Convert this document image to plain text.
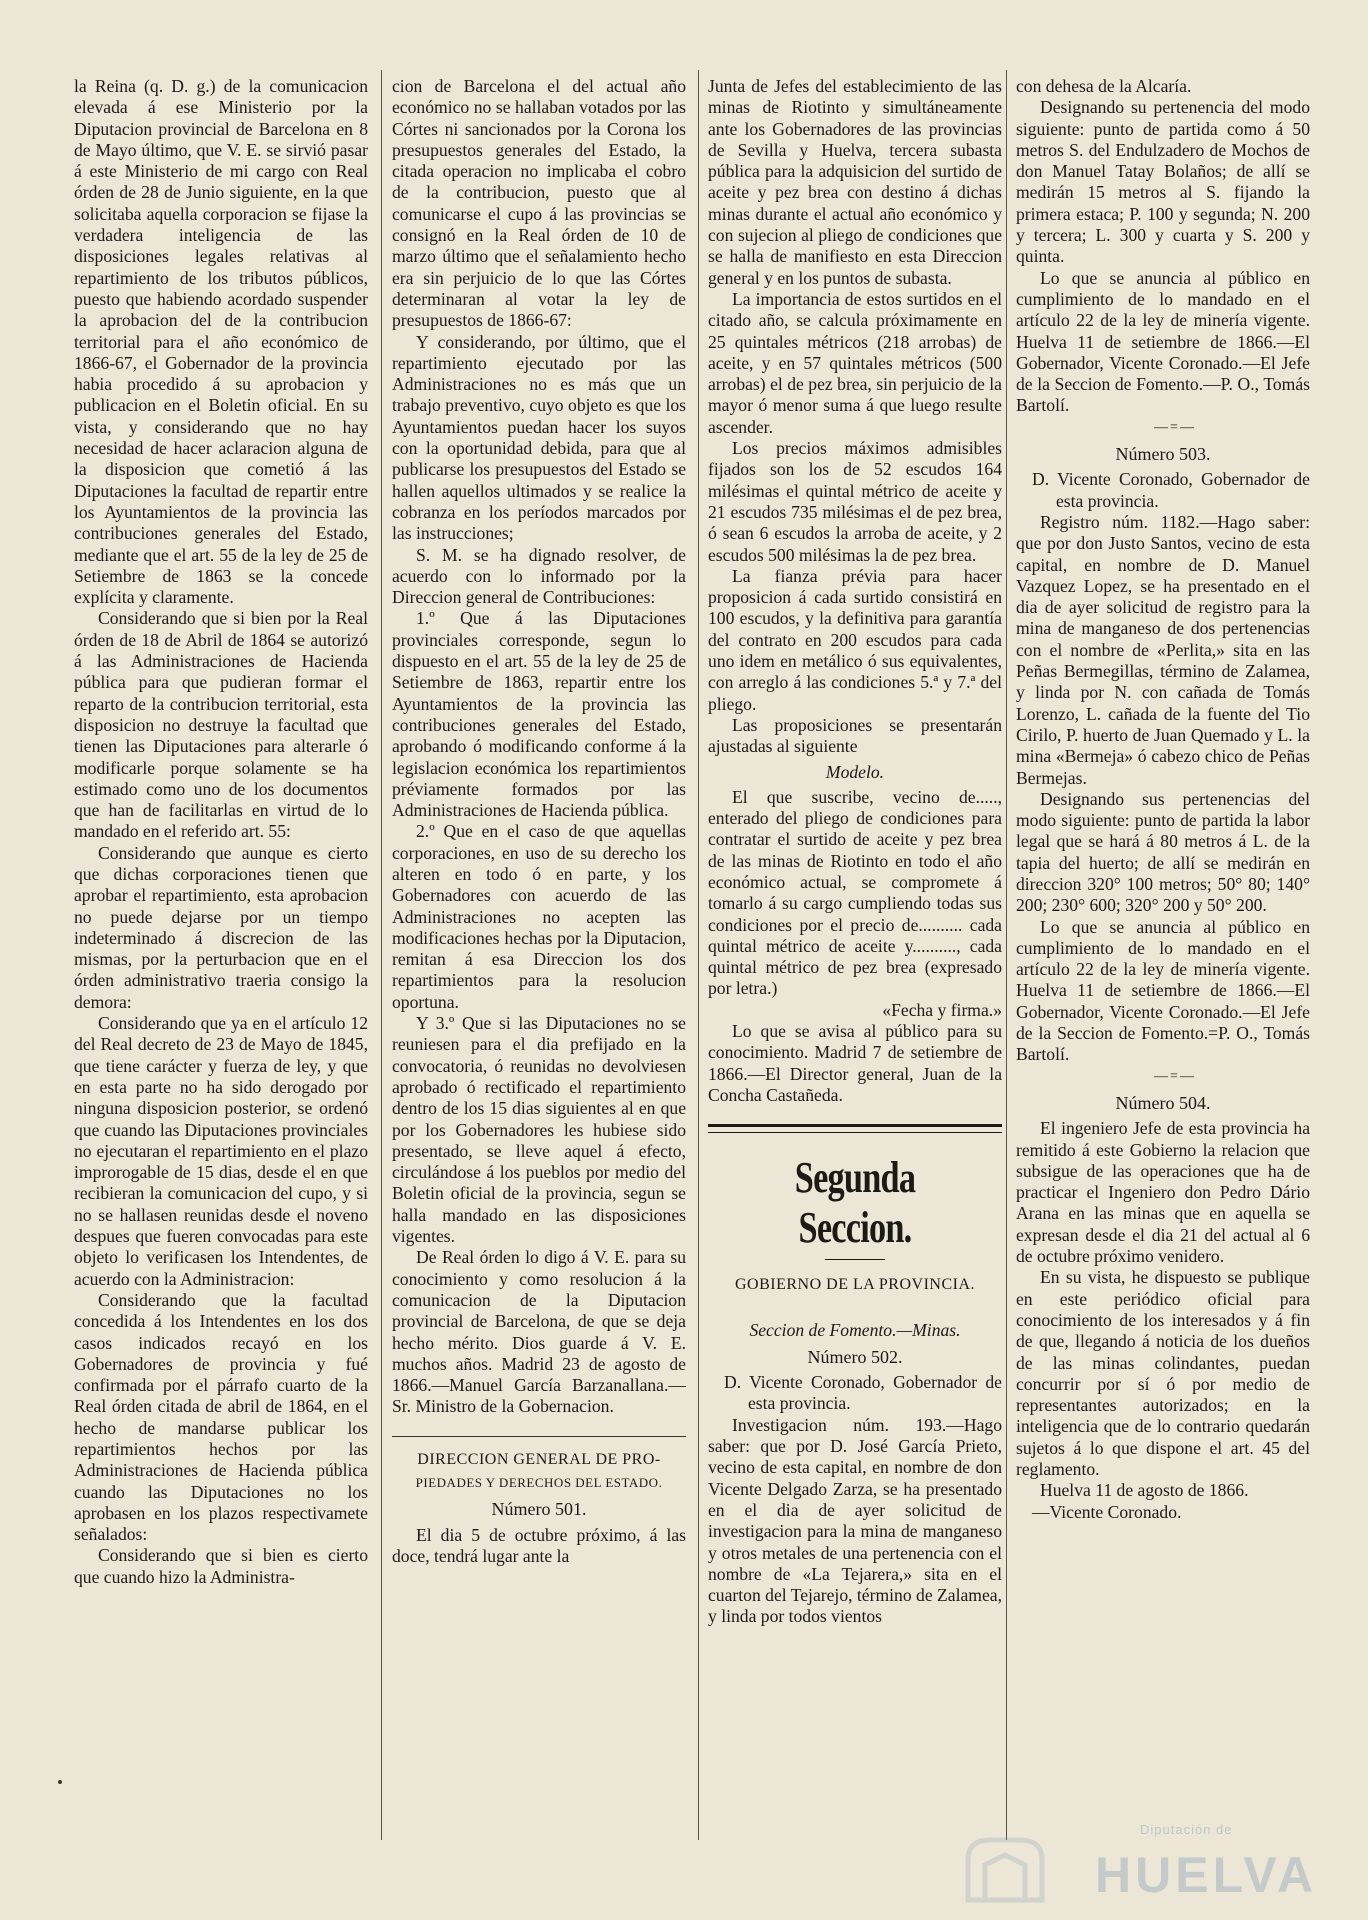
la Reina (q. D. g.) de la comunicacion elevada á ese Ministerio por la Diputacion provincial de Barcelona en 8 de Mayo último, que V. E. se sirvió pasar á este Ministerio de mi cargo con Real órden de 28 de Junio siguiente, en la que solicitaba aquella corporacion se fijase la verdadera inteligencia de las disposiciones legales relativas al repartimiento de los tributos públicos, puesto que habiendo acordado suspender la aprobacion del de la contribucion territorial para el año económico de 1866-67, el Gobernador de la provincia habia procedido á su aprobacion y publicacion en el Boletin oficial. En su vista, y considerando que no hay necesidad de hacer aclaracion alguna de la disposicion que cometió á las Diputaciones la facultad de repartir entre los Ayuntamientos de la provincia las contribuciones generales del Estado, mediante que el art. 55 de la ley de 25 de Setiembre de 1863 se la concede explícita y claramente.

Considerando que si bien por la Real órden de 18 de Abril de 1864 se autorizó á las Administraciones de Hacienda pública para que pudieran formar el reparto de la contribucion territorial, esta disposicion no destruye la facultad que tienen las Diputaciones para alterarle ó modificarle porque solamente se ha estimado como uno de los documentos que han de facilitarlas en virtud de lo mandado en el referido art. 55:

Considerando que aunque es cierto que dichas corporaciones tienen que aprobar el repartimiento, esta aprobacion no puede dejarse por un tiempo indeterminado á discrecion de las mismas, por la perturbacion que en el órden administrativo traeria consigo la demora:

Considerando que ya en el artículo 12 del Real decreto de 23 de Mayo de 1845, que tiene carácter y fuerza de ley, y que en esta parte no ha sido derogado por ninguna disposicion posterior, se ordenó que cuando las Diputaciones provinciales no ejecutaran el repartimiento en el plazo improrogable de 15 dias, desde el en que recibieran la comunicacion del cupo, y si no se hallasen reunidas desde el noveno despues que fueren convocadas para este objeto lo verificasen los Intendentes, de acuerdo con la Administracion:

Considerando que la facultad concedida á los Intendentes en los dos casos indicados recayó en los Gobernadores de provincia y fué confirmada por el párrafo cuarto de la Real órden citada de abril de 1864, en el hecho de mandarse publicar los repartimientos hechos por las Administraciones de Hacienda pública cuando las Diputaciones no los aprobasen en los plazos respectivamete señalados:

Considerando que si bien es cierto que cuando hizo la Administra-

cion de Barcelona el del actual año económico no se hallaban votados por las Córtes ni sancionados por la Corona los presupuestos generales del Estado, la citada operacion no implicaba el cobro de la contribucion, puesto que al comunicarse el cupo á las provincias se consignó en la Real órden de 10 de marzo último que el señalamiento hecho era sin perjuicio de lo que las Córtes determinaran al votar la ley de presupuestos de 1866-67:

Y considerando, por último, que el repartimiento ejecutado por las Administraciones no es más que un trabajo preventivo, cuyo objeto es que los Ayuntamientos puedan hacer los suyos con la oportunidad debida, para que al publicarse los presupuestos del Estado se hallen aquellos ultimados y se realice la cobranza en los períodos marcados por las instrucciones;

S. M. se ha dignado resolver, de acuerdo con lo informado por la Direccion general de Contribuciones:

1.º Que á las Diputaciones provinciales corresponde, segun lo dispuesto en el art. 55 de la ley de 25 de Setiembre de 1863, repartir entre los Ayuntamientos de la provincia las contribuciones generales del Estado, aprobando ó modificando conforme á la legislacion económica los repartimientos préviamente formados por las Administraciones de Hacienda pública.

2.º Que en el caso de que aquellas corporaciones, en uso de su derecho los alteren en todo ó en parte, y los Gobernadores con acuerdo de las Administraciones no acepten las modificaciones hechas por la Diputacion, remitan á esa Direccion los dos repartimientos para la resolucion oportuna.

Y 3.º Que si las Diputaciones no se reuniesen para el dia prefijado en la convocatoria, ó reunidas no devolviesen aprobado ó rectificado el repartimiento dentro de los 15 dias siguientes al en que por los Gobernadores les hubiese sido presentado, se lleve aquel á efecto, circulándose á los pueblos por medio del Boletin oficial de la provincia, segun se halla mandado en las disposiciones vigentes.

De Real órden lo digo á V. E. para su conocimiento y como resolucion á la comunicacion de la Diputacion provincial de Barcelona, de que se deja hecho mérito. Dios guarde á V. E. muchos años. Madrid 23 de agosto de 1866.—Manuel García Barzanallana.—Sr. Ministro de la Gobernacion.

DIRECCION GENERAL DE PRO-

PIEDADES Y DERECHOS DEL ESTADO.

Número 501.

El dia 5 de octubre próximo, á las doce, tendrá lugar ante la

Junta de Jefes del establecimiento de las minas de Riotinto y simultáneamente ante los Gobernadores de las provincias de Sevilla y Huelva, tercera subasta pública para la adquisicion del surtido de aceite y pez brea con destino á dichas minas durante el actual año económico y con sujecion al pliego de condiciones que se halla de manifiesto en esta Direccion general y en los puntos de subasta.

La importancia de estos surtidos en el citado año, se calcula próximamente en 25 quintales métricos (218 arrobas) de aceite, y en 57 quintales métricos (500 arrobas) el de pez brea, sin perjuicio de la mayor ó menor suma á que luego resulte ascender.

Los precios máximos admisibles fijados son los de 52 escudos 164 milésimas el quintal métrico de aceite y 21 escudos 735 milésimas el de pez brea, ó sean 6 escudos la arroba de aceite, y 2 escudos 500 milésimas la de pez brea.

La fianza prévia para hacer proposicion á cada surtido consistirá en 100 escudos, y la definitiva para garantía del contrato en 200 escudos para cada uno idem en metálico ó sus equivalentes, con arreglo á las condiciones 5.ª y 7.ª del pliego.

Las proposiciones se presentarán ajustadas al siguiente

Modelo.

El que suscribe, vecino de....., enterado del pliego de condiciones para contratar el surtido de aceite y pez brea de las minas de Riotinto en todo el año económico actual, se compromete á tomarlo á su cargo cumpliendo todas sus condiciones por el precio de.......... cada quintal métrico de aceite y.........., cada quintal métrico de pez brea (expresado por letra.)

«Fecha y firma.»

Lo que se avisa al público para su conocimiento. Madrid 7 de setiembre de 1866.—El Director general, Juan de la Concha Castañeda.

Segunda Seccion.

GOBIERNO DE LA PROVINCIA.

Seccion de Fomento.—Minas.

Número 502.

D. Vicente Coronado, Gobernador de esta provincia.

Investigacion núm. 193.—Hago saber: que por D. José García Prieto, vecino de esta capital, en nombre de don Vicente Delgado Zarza, se ha presentado en el dia de ayer solicitud de investigacion para la mina de manganeso y otros metales de una pertenencia con el nombre de «La Tejarera,» sita en el cuarton del Tejarejo, término de Zalamea, y linda por todos vientos

con dehesa de la Alcaría.

Designando su pertenencia del modo siguiente: punto de partida como á 50 metros S. del Endulzadero de Mochos de don Manuel Tatay Bolaños; de allí se medirán 15 metros al S. fijando la primera estaca; P. 100 y segunda; N. 200 y tercera; L. 300 y cuarta y S. 200 y quinta.

Lo que se anuncia al público en cumplimiento de lo mandado en el artículo 22 de la ley de minería vigente. Huelva 11 de setiembre de 1866.—El Gobernador, Vicente Coronado.—El Jefe de la Seccion de Fomento.—P. O., Tomás Bartolí.

—=—

Número 503.

D. Vicente Coronado, Gobernador de esta provincia.

Registro núm. 1182.—Hago saber: que por don Justo Santos, vecino de esta capital, en nombre de D. Manuel Vazquez Lopez, se ha presentado en el dia de ayer solicitud de registro para la mina de manganeso de dos pertenencias con el nombre de «Perlita,» sita en las Peñas Bermegillas, término de Zalamea, y linda por N. con cañada de Tomás Lorenzo, L. cañada de la fuente del Tio Cirilo, P. huerto de Juan Quemado y L. la mina «Bermeja» ó cabezo chico de Peñas Bermejas.

Designando sus pertenencias del modo siguiente: punto de partida la labor legal que se hará á 80 metros á L. de la tapia del huerto; de allí se medirán en direccion 320° 100 metros; 50° 80; 140° 200; 230° 600; 320° 200 y 50° 200.

Lo que se anuncia al público en cumplimiento de lo mandado en el artículo 22 de la ley de minería vigente. Huelva 11 de setiembre de 1866.—El Gobernador, Vicente Coronado.—El Jefe de la Seccion de Fomento.=P. O., Tomás Bartolí.

—=—

Número 504.

El ingeniero Jefe de esta provincia ha remitido á este Gobierno la relacion que subsigue de las operaciones que ha de practicar el Ingeniero don Pedro Dário Arana en las minas que en aquella se expresan desde el dia 21 del actual al 6 de octubre próximo venidero.

En su vista, he dispuesto se publique en este periódico oficial para conocimiento de los interesados y á fin de que, llegando á noticia de los dueños de las minas colindantes, puedan concurrir por sí ó por medio de representantes autorizados; en la inteligencia que de lo contrario quedarán sujetos á lo que dispone el art. 45 del reglamento.

Huelva 11 de agosto de 1866.

—Vicente Coronado.

Diputación de
HUELVA
